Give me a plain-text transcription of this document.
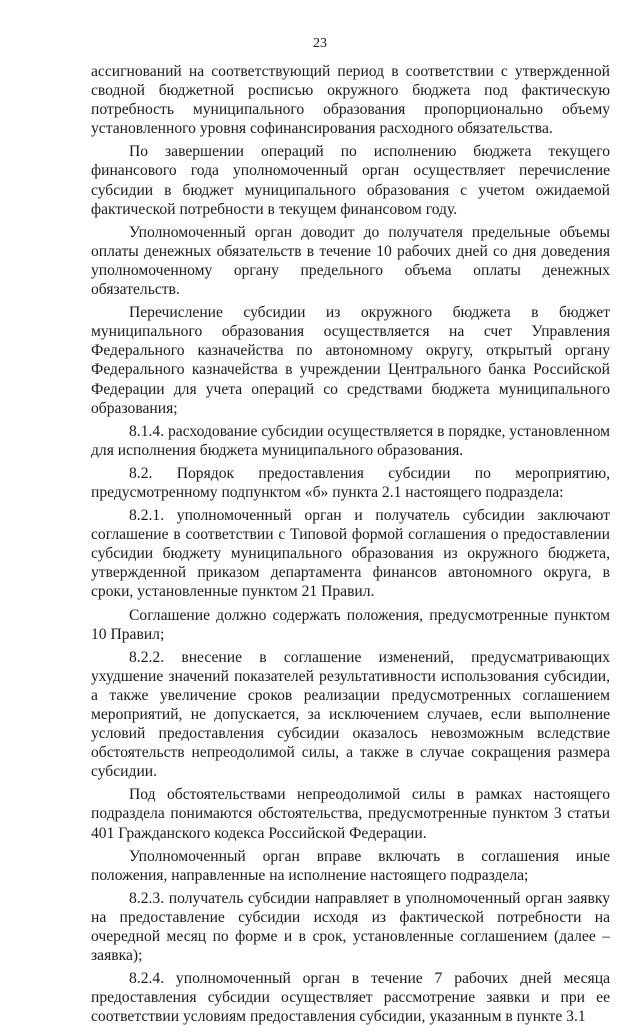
23

ассигнований на соответствующий период в соответствии с утвержденной сводной бюджетной росписью окружного бюджета под фактическую потребность муниципального образования пропорционально объему установленного уровня софинансирования расходного обязательства.

По завершении операций по исполнению бюджета текущего финансового года уполномоченный орган осуществляет перечисление субсидии в бюджет муниципального образования с учетом ожидаемой фактической потребности в текущем финансовом году.

Уполномоченный орган доводит до получателя предельные объемы оплаты денежных обязательств в течение 10 рабочих дней со дня доведения уполномоченному органу предельного объема оплаты денежных обязательств.

Перечисление субсидии из окружного бюджета в бюджет муниципального образования осуществляется на счет Управления Федерального казначейства по автономному округу, открытый органу Федерального казначейства в учреждении Центрального банка Российской Федерации для учета операций со средствами бюджета муниципального образования;

8.1.4. расходование субсидии осуществляется в порядке, установленном для исполнения бюджета муниципального образования.

8.2. Порядок предоставления субсидии по мероприятию, предусмотренному подпунктом «б» пункта 2.1 настоящего подраздела:

8.2.1. уполномоченный орган и получатель субсидии заключают соглашение в соответствии с Типовой формой соглашения о предоставлении субсидии бюджету муниципального образования из окружного бюджета, утвержденной приказом департамента финансов автономного округа, в сроки, установленные пунктом 21 Правил.

Соглашение должно содержать положения, предусмотренные пунктом 10 Правил;

8.2.2. внесение в соглашение изменений, предусматривающих ухудшение значений показателей результативности использования субсидии, а также увеличение сроков реализации предусмотренных соглашением мероприятий, не допускается, за исключением случаев, если выполнение условий предоставления субсидии оказалось невозможным вследствие обстоятельств непреодолимой силы, а также в случае сокращения размера субсидии.

Под обстоятельствами непреодолимой силы в рамках настоящего подраздела понимаются обстоятельства, предусмотренные пунктом 3 статьи 401 Гражданского кодекса Российской Федерации.

Уполномоченный орган вправе включать в соглашения иные положения, направленные на исполнение настоящего подраздела;

8.2.3. получатель субсидии направляет в уполномоченный орган заявку на предоставление субсидии исходя из фактической потребности на очередной месяц по форме и в срок, установленные соглашением (далее – заявка);

8.2.4. уполномоченный орган в течение 7 рабочих дней месяца предоставления субсидии осуществляет рассмотрение заявки и при ее соответствии условиям предоставления субсидии, указанным в пункте 3.1
